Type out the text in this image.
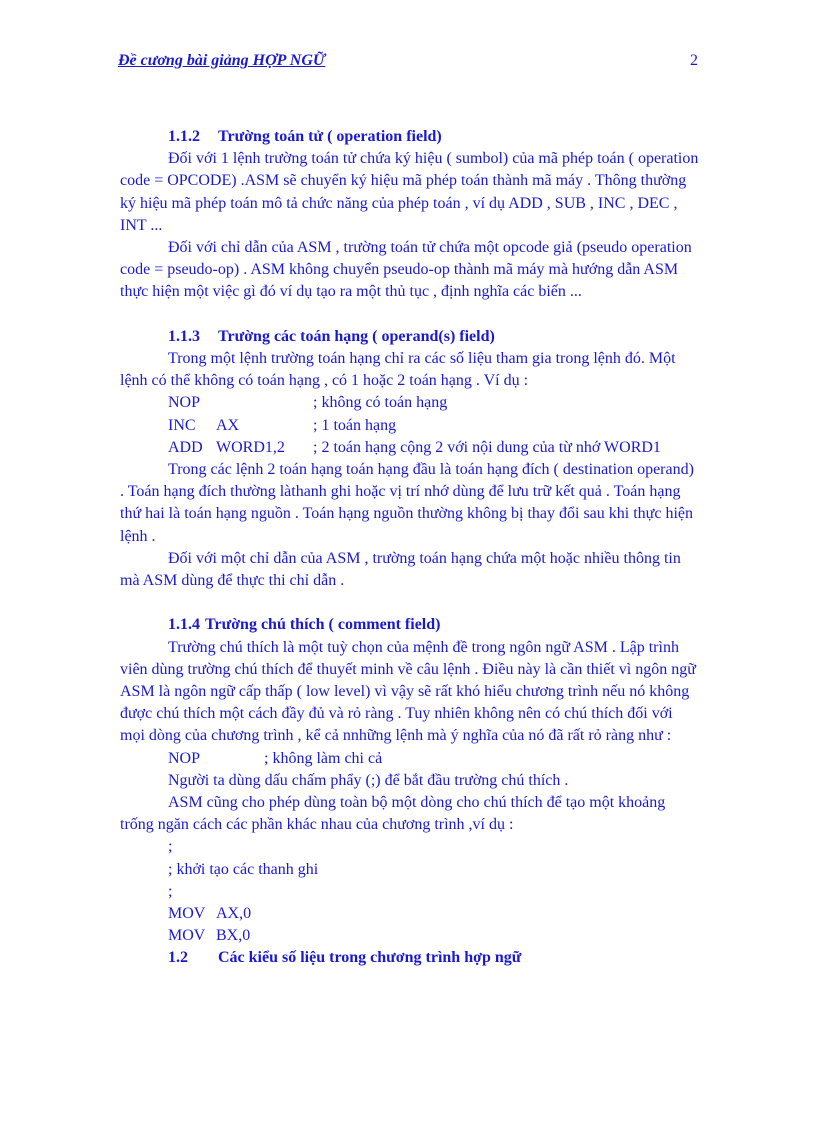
Đề cương bài giảng HỢP NGỮ	2
1.1.2 Trường toán tử ( operation field)
Đối với 1 lệnh trường toán tử chứa ký hiệu ( sumbol) của mã phép toán ( operation code = OPCODE) .ASM sẽ chuyển ký hiệu mã phép toán thành mã máy . Thông thường ký hiệu mã phép toán mô tả chức năng của phép toán , ví dụ ADD , SUB , INC , DEC , INT ...
Đối với chỉ dẫn của ASM , trường toán tử chứa một opcode giả (pseudo operation code = pseudo-op) . ASM không chuyển pseudo-op thành mã máy mà hướng dẫn ASM thực hiện một việc gì đó ví dụ tạo ra một thủ tục , định nghĩa các biến ...
1.1.3 Trường các toán hạng ( operand(s) field)
Trong một lệnh trường toán hạng chỉ ra các số liệu tham gia trong lệnh đó. Một lệnh có thể không có toán hạng , có 1 hoặc 2 toán hạng . Ví dụ :
NOP	; không có toán hạng
INC AX	; 1 toán hạng
ADD WORD1,2 ; 2 toán hạng cộng 2 với nội dung của từ nhớ WORD1
Trong các lệnh 2 toán hạng toán hạng đầu là toán hạng đích ( destination operand) . Toán hạng đích thường làthanh ghi hoặc vị trí nhớ dùng để lưu trữ kết quả . Toán hạng thứ hai là toán hạng nguồn . Toán hạng nguồn thường không bị thay đổi sau khi thực hiện lệnh .
Đối với một chỉ dẫn của ASM , trường toán hạng chứa một hoặc nhiều thông tin mà ASM dùng để thực thi chỉ dẫn .
1.1.4 Trường chú thích ( comment field)
Trường chú thích là một tuỳ chọn của mệnh đề trong ngôn ngữ ASM . Lập trình viên dùng trường chú thích để thuyết minh về câu lệnh . Điều này là cần thiết vì ngôn ngữ ASM là ngôn ngữ cấp thấp ( low level) vì vậy sẽ rất khó hiểu chương trình nếu nó không được chú thích một cách đầy đủ và rỏ ràng . Tuy nhiên không nên có chú thích đối với mọi dòng của chương trình , kể cả nnhững lệnh mà ý nghĩa của nó đã rất rỏ ràng như :
NOP	; không làm chi cả
Người ta dùng dấu chấm phẩy (;) để bắt đầu trường chú thích .
ASM cũng cho phép dùng toàn bộ một dòng cho chú thích để tạo một khoảng trống ngăn cách các phần khác nhau của chương trình ,ví dụ :
;
; khởi tạo các thanh ghi
;
MOV AX,0
MOV BX,0
1.2 Các kiểu số liệu trong chương trình hợp ngữ
